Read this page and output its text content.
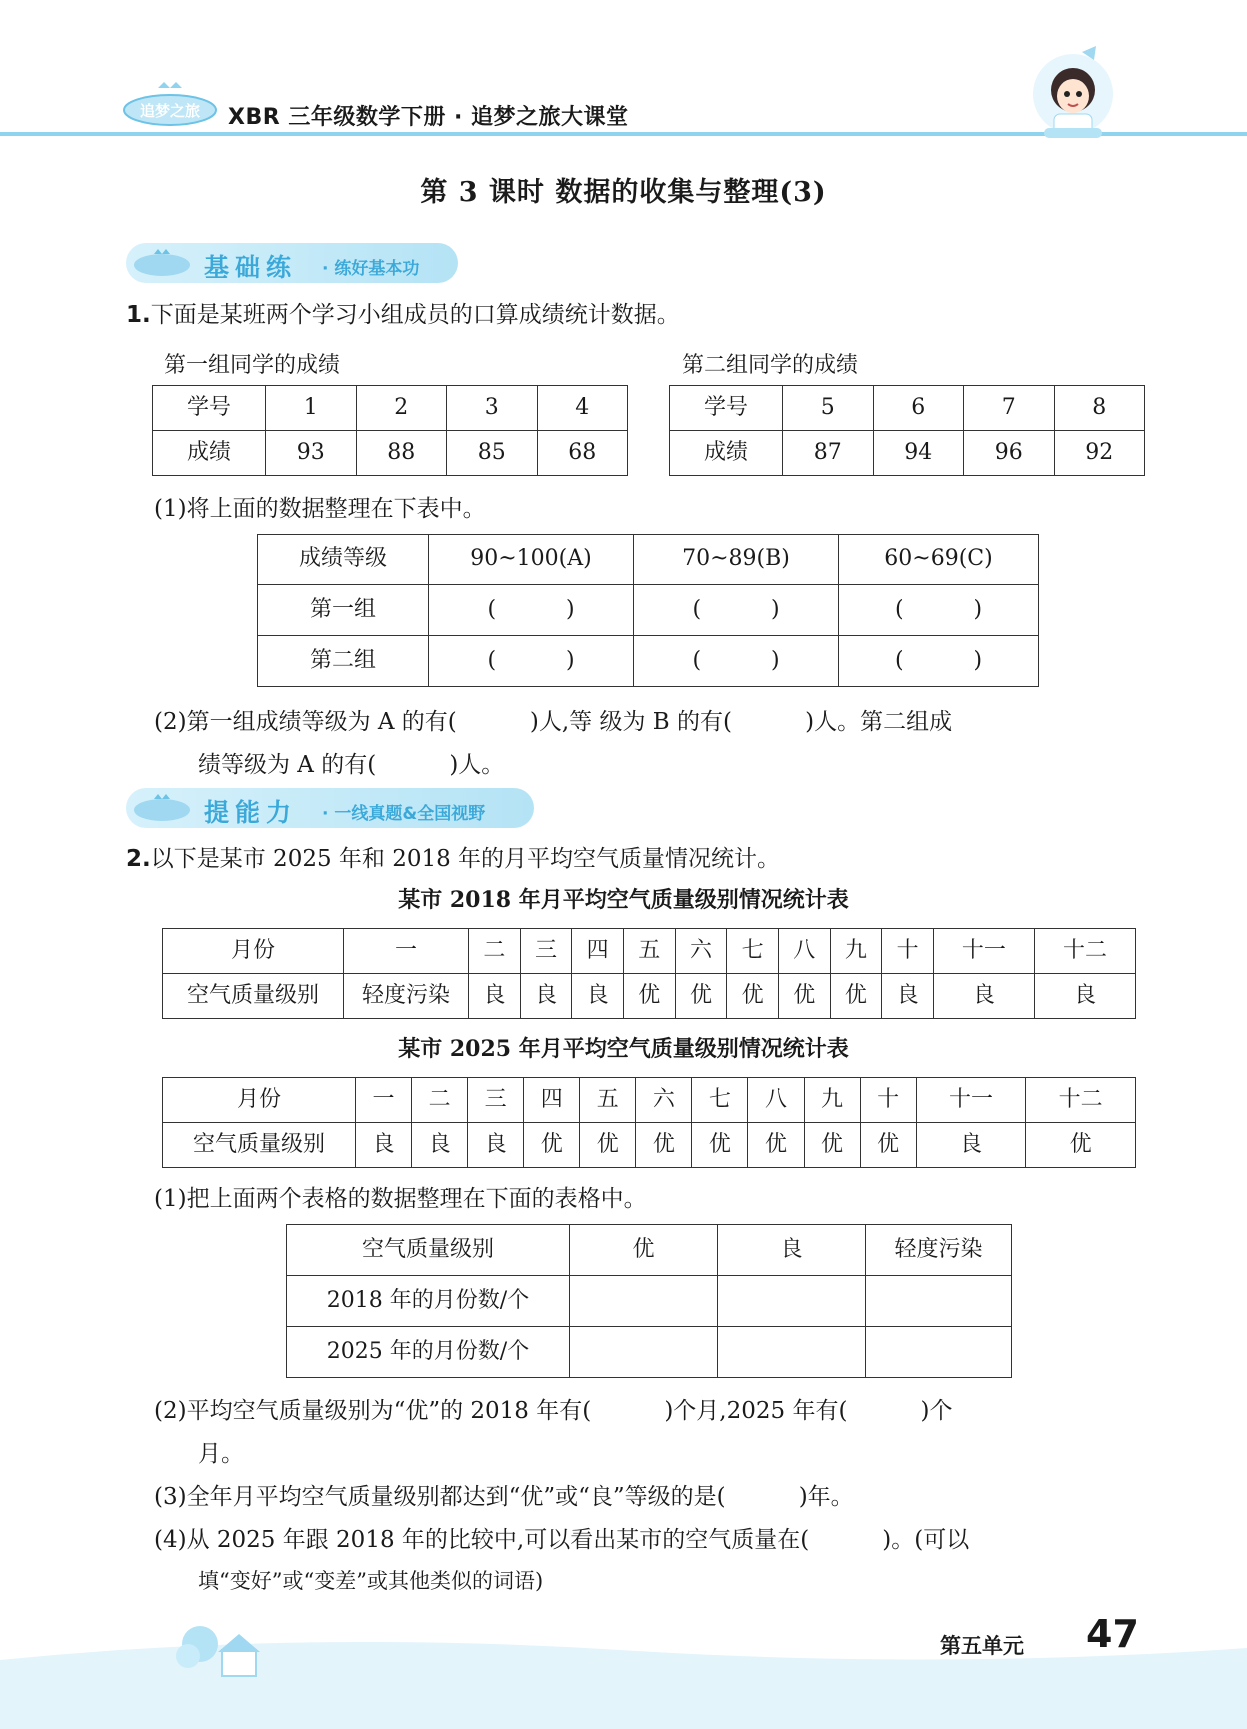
追梦之旅 XBR 三年级数学下册 · 追梦之旅大课堂
第 3 课时 数据的收集与整理(3)
基础练 · 练好基本功
1.下面是某班两个学习小组成员的口算成绩统计数据。
第一组同学的成绩	第二组同学的成绩
学号	1	2	3	4
成绩	93	88	85	68
学号	5	6	7	8
成绩	87	94	96	92
(1)将上面的数据整理在下表中。
成绩等级	90~100(A)	70~89(B)	60~69(C)
第一组	(          )	(          )	(          )
第二组	(          )	(          )	(          )
(2)第一组成绩等级为 A 的有(          )人,等 级为 B 的有(          )人。第二组成
绩等级为 A 的有(          )人。
提能力 · 一线真题&全国视野
2.以下是某市 2025 年和 2018 年的月平均空气质量情况统计。
某市 2018 年月平均空气质量级别情况统计表
月份	一	二	三	四	五	六	七	八	九	十	十一	十二
空气质量级别	轻度污染	良	良	良	优	优	优	优	优	良	良	良
某市 2025 年月平均空气质量级别情况统计表
月份	一	二	三	四	五	六	七	八	九	十	十一	十二
空气质量级别	良	良	良	优	优	优	优	优	优	优	良	优
(1)把上面两个表格的数据整理在下面的表格中。
空气质量级别	优	良	轻度污染
2018 年的月份数/个			
2025 年的月份数/个			
(2)平均空气质量级别为“优”的 2018 年有(          )个月,2025 年有(          )个
月。
(3)全年月平均空气质量级别都达到“优”或“良”等级的是(          )年。
(4)从 2025 年跟 2018 年的比较中,可以看出某市的空气质量在(          )。(可以
填“变好”或“变差”或其他类似的词语)
第五单元 47
